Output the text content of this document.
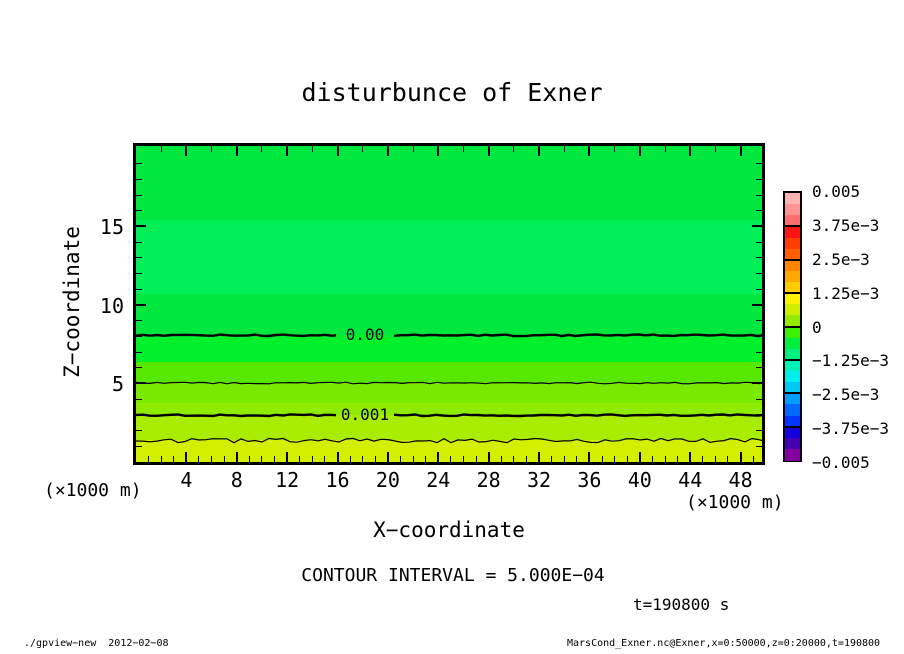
disturbunce of Exner
Z−coordinate	0.00
0.001
(×1000 m)
(×1000 m)
X−coordinate
CONTOUR INTERVAL = 5.000E−04
t=190800 s
./gpview−new  2012−02−08	MarsCond_Exner.nc@Exner,x=0:50000,z=0:20000,t=190800
4	8	12	16	20	24	28	32	36	40	44	48
5
10
15
0.005
3.75e−3
2.5e−3
1.25e−3
0
−1.25e−3
−2.5e−3
−3.75e−3
−0.005
